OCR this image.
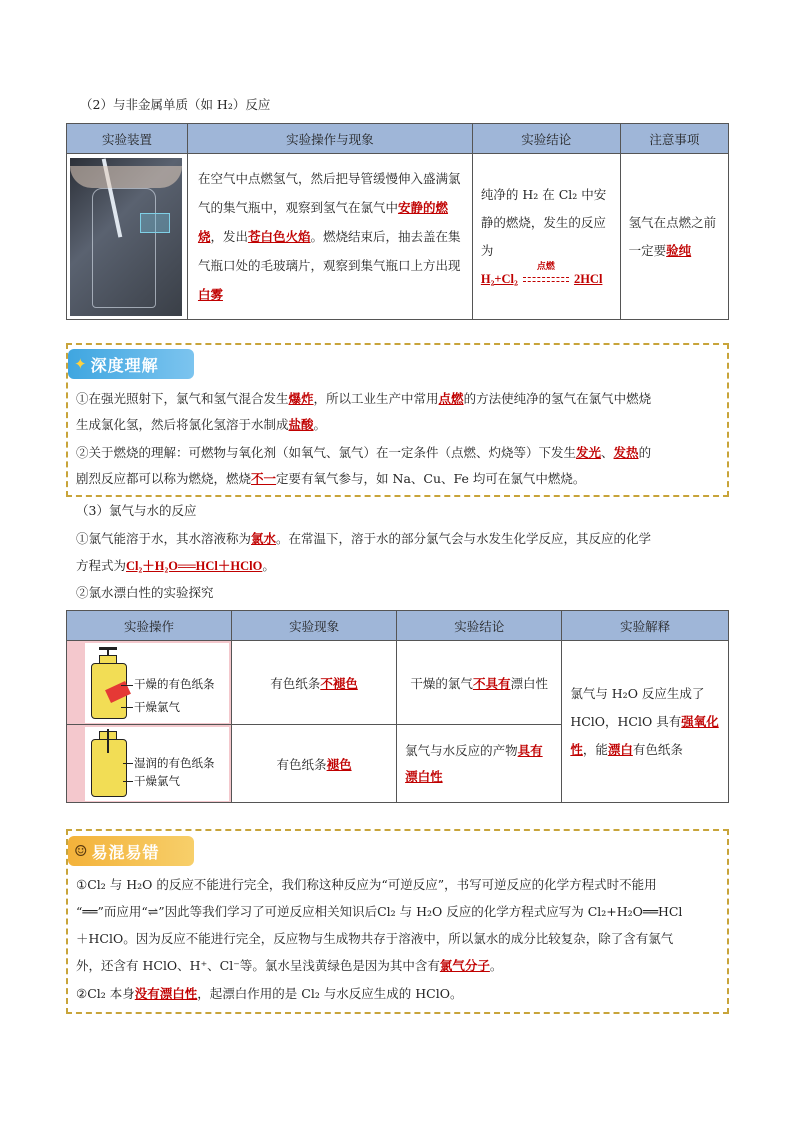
（2）与非金属单质（如 H₂）反应
实验装置	实验操作与现象	实验结论	注意事项

	在空气中点燃氢气，然后把导管缓慢伸入盛满氯气的集气瓶中，观察到氢气在氯气中安静的燃烧，发出苍白色火焰。燃烧结束后，抽去盖在集气瓶口处的毛玻璃片，观察到集气瓶口上方出现白雾	纯净的 H₂ 在 Cl₂ 中安静的燃烧，发生的反应为
H₂+Cl₂
点燃
2HCl	氢气在点燃之前一定要验纯
✦ 深度理解
①在强光照射下，氯气和氢气混合发生爆炸，所以工业生产中常用点燃的方法使纯净的氢气在氯气中燃烧
生成氯化氢，然后将氯化氢溶于水制成盐酸。
②关于燃烧的理解：可燃物与氧化剂（如氧气、氯气）在一定条件（点燃、灼烧等）下发生发光、发热的
剧烈反应都可以称为燃烧，燃烧不一定要有氧气参与，如 Na、Cu、Fe 均可在氯气中燃烧。
（3）氯气与水的反应
①氯气能溶于水，其水溶液称为氯水。在常温下，溶于水的部分氯气会与水发生化学反应，其反应的化学
方程式为Cl₂＋H₂O══HCl＋HClO。
②氯水漂白性的实验探究
实验操作	实验现象	实验结论	实验解释

干燥的有色纸条
干燥氯气	有色纸条不褪色	干燥的氯气不具有漂白性	氯气与 H₂O 反应生成了 HClO，HClO 具有强氧化性，能漂白有色纸条

湿润的有色纸条
干燥氯气	有色纸条褪色	氯气与水反应的产物具有漂白性	
☺ 易混易错
①Cl₂ 与 H₂O 的反应不能进行完全，我们称这种反应为“可逆反应”，书写可逆反应的化学方程式时不能用
“══”而应用“⇌”因此等我们学习了可逆反应相关知识后Cl₂ 与 H₂O 反应的化学方程式应写为 Cl₂+H₂O══HCl
＋HClO。因为反应不能进行完全，反应物与生成物共存于溶液中，所以氯水的成分比较复杂，除了含有氯气
外，还含有 HClO、H⁺、Cl⁻等。氯水呈浅黄绿色是因为其中含有氯气分子。
②Cl₂ 本身没有漂白性，起漂白作用的是 Cl₂ 与水反应生成的 HClO。
